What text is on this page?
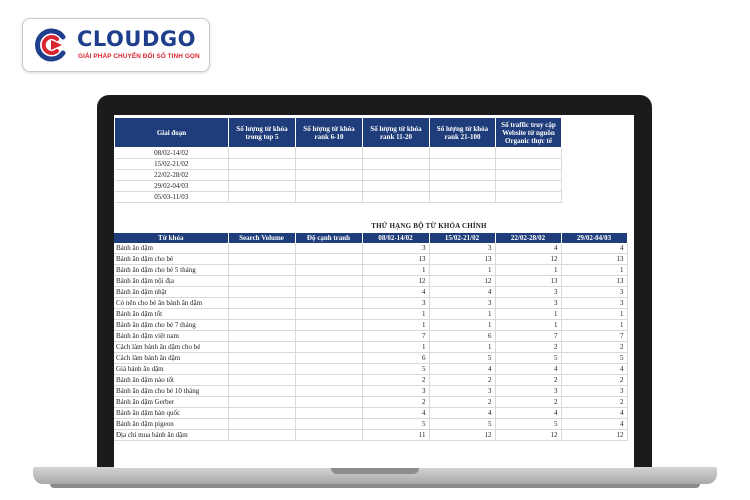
CLOUDGO
GIẢI PHÁP CHUYỂN ĐỔI SỐ TINH GỌN
Giai đoạn	Số lượng từ khóa trong top 5	Số lượng từ khóa rank 6-10	Số lượng từ khóa rank 11-20	Số lượng từ khóa rank 21-100	Số traffic truy cập Website từ nguồn Organic thực tế
08/02-14/02					
15/02-21/02					
22/02-28/02					
29/02-04/03					
05/03-11/03					
THỨ HẠNG BỘ TỪ KHÓA CHÍNH
Từ khóa	Search Volume	Độ cạnh tranh	08/02-14/02	15/02-21/02	22/02-28/02	29/02-04/03
Bánh ăn dặm			3	3	4	4
Bánh ăn dặm cho bé			13	13	12	13
Bánh ăn dặm cho bé 5 tháng			1	1	1	1
Bánh ăn dặm nội địa			12	12	13	13
Bánh ăn dặm nhật			4	4	3	3
Có nên cho bé ăn bánh ăn dặm			3	3	3	3
Bánh ăn dặm tốt			1	1	1	1
Bánh ăn dặm cho bé 7 tháng			1	1	1	1
Bánh ăn dặm việt nam			7	6	7	7
Cách làm bánh ăn dặm cho bé			1	1	2	2
Cách làm bánh ăn dặm			6	5	5	5
Giá bánh ăn dặm			5	4	4	4
Bánh ăn dặm nào tốt			2	2	2	2
Bánh ăn dặm cho bé 10 tháng			3	3	3	3
Bánh ăn dặm Gerber			2	2	2	2
Bánh ăn dặm hàn quốc			4	4	4	4
Bánh ăn dặm pigeon			5	5	5	4
Địa chỉ mua bánh ăn dặm			11	12	12	12
